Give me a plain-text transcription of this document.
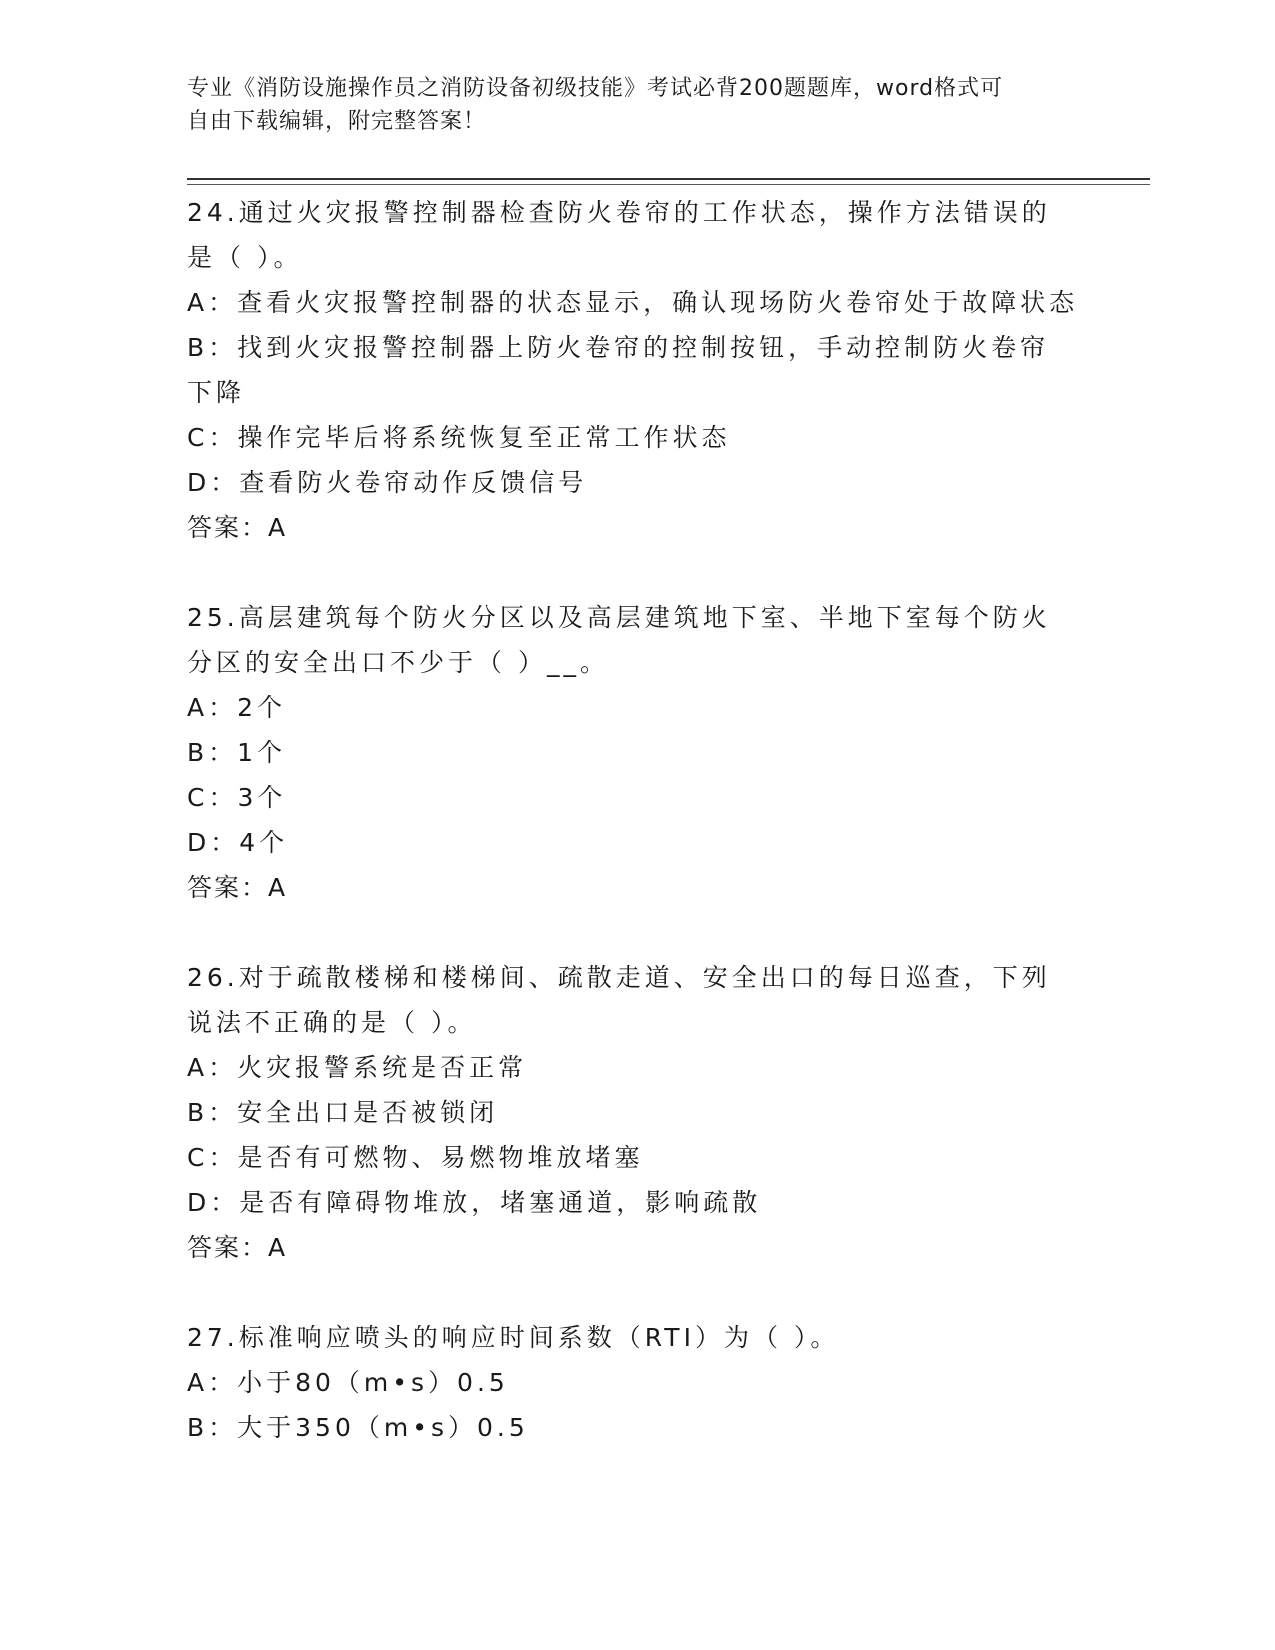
专业《消防设施操作员之消防设备初级技能》考试必背200题题库，word格式可

自由下载编辑，附完整答案！

24.通过火灾报警控制器检查防火卷帘的工作状态，操作方法错误的是（ ）。

A：查看火灾报警控制器的状态显示，确认现场防火卷帘处于故障状态

B：找到火灾报警控制器上防火卷帘的控制按钮，手动控制防火卷帘下降

C：操作完毕后将系统恢复至正常工作状态

D：查看防火卷帘动作反馈信号

答案：A

25.高层建筑每个防火分区以及高层建筑地下室、半地下室每个防火分区的安全出口不少于（ ）__。

A：2个

B：1个

C：3个

D：4个

答案：A

26.对于疏散楼梯和楼梯间、疏散走道、安全出口的每日巡查，下列说法不正确的是（ ）。

A：火灾报警系统是否正常

B：安全出口是否被锁闭

C：是否有可燃物、易燃物堆放堵塞

D：是否有障碍物堆放，堵塞通道，影响疏散

答案：A

27.标准响应喷头的响应时间系数（RTI）为（ ）。

A：小于80（m•s）0.5

B：大于350（m•s）0.5
